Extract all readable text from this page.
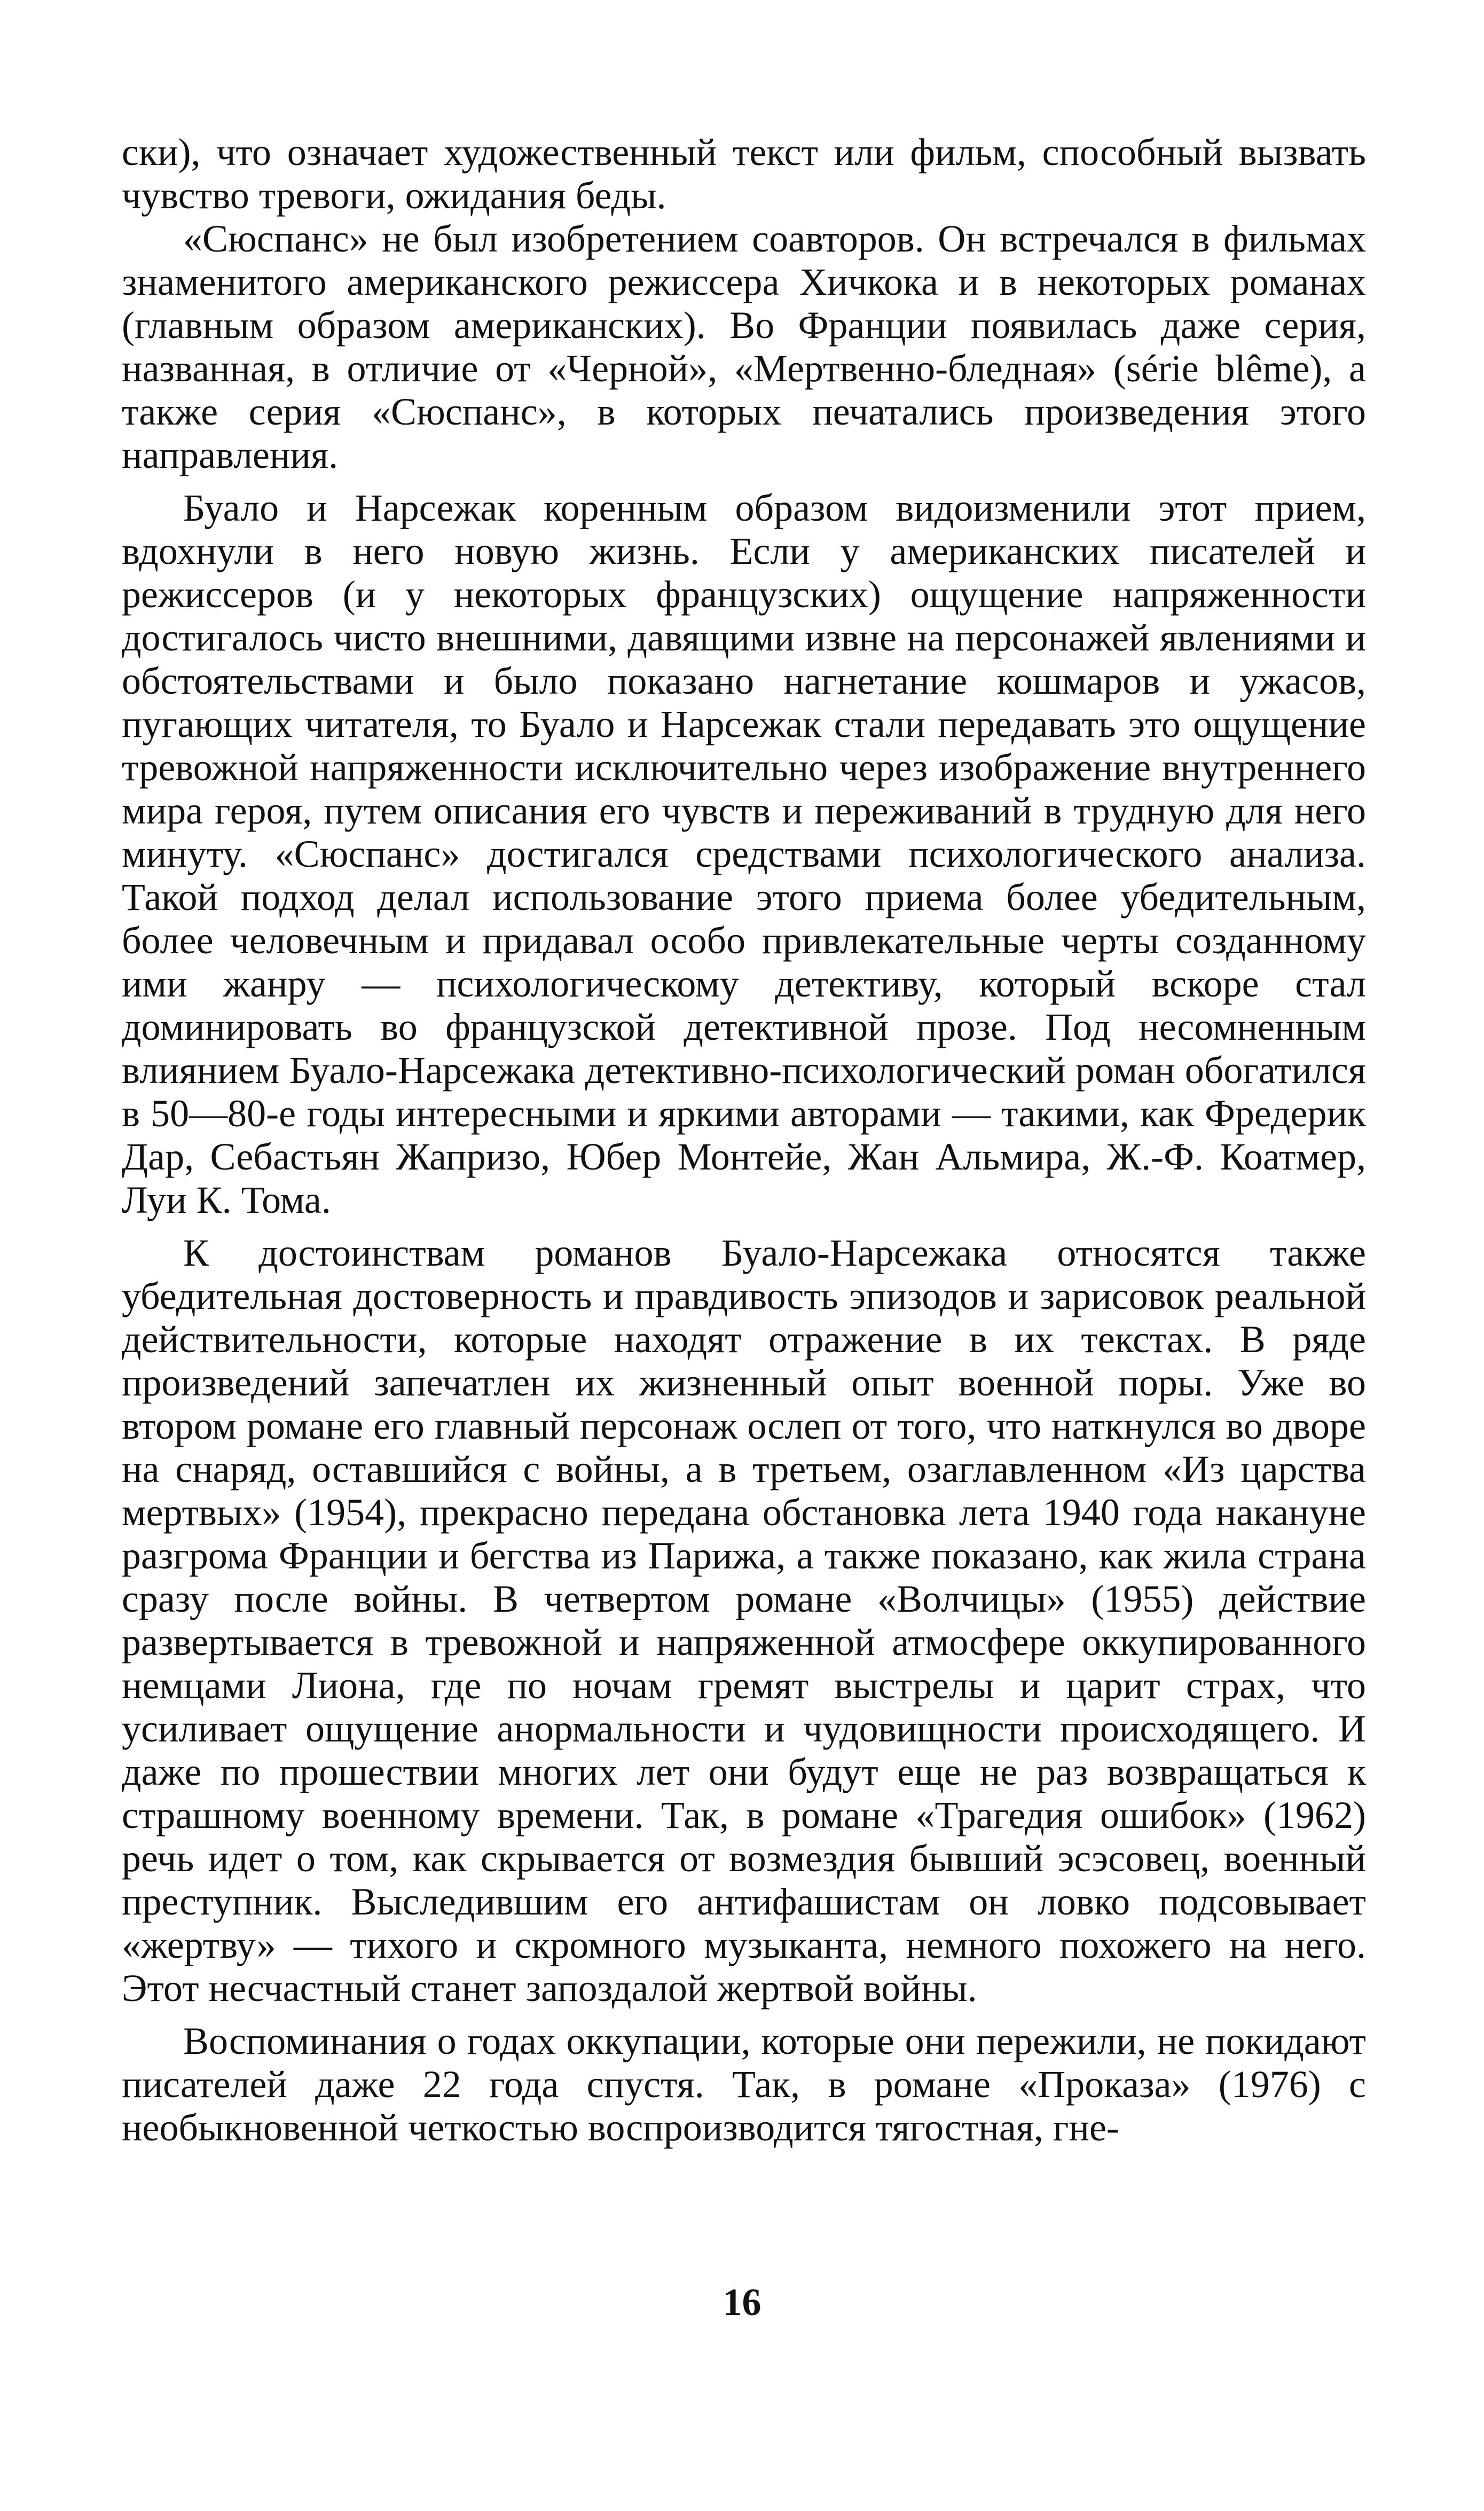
ски), что означает художественный текст или фильм, способный вызвать чувство тревоги, ожидания беды.

«Сюспанс» не был изобретением соавторов. Он встречался в фильмах знаменитого американского режиссера Хичкока и в некоторых романах (главным образом американских). Во Франции появилась даже серия, названная, в отличие от «Черной», «Мертвенно-бледная» (série blême), а также серия «Сюспанс», в которых печатались произведения этого направления.

Буало и Нарсежак коренным образом видоизменили этот прием, вдохнули в него новую жизнь. Если у американских писателей и режиссеров (и у некоторых французских) ощущение напряженности достигалось чисто внешними, давящими извне на персонажей явлениями и обстоятельствами и было показано нагнетание кошмаров и ужасов, пугающих читателя, то Буало и Нарсежак стали передавать это ощущение тревожной напряженности исключительно через изображение внутреннего мира героя, путем описания его чувств и переживаний в трудную для него минуту. «Сюспанс» достигался средствами психологического анализа. Такой подход делал использование этого приема более убедительным, более человечным и придавал особо привлекательные черты созданному ими жанру — психологическому детективу, который вскоре стал доминировать во французской детективной прозе. Под несомненным влиянием Буало-Нарсежака детективно-психологический роман обогатился в 50—80-е годы интересными и яркими авторами — такими, как Фредерик Дар, Себастьян Жапризо, Юбер Монтейе, Жан Альмира, Ж.-Ф. Коатмер, Луи К. Тома.

К достоинствам романов Буало-Нарсежака относятся также убедительная достоверность и правдивость эпизодов и зарисовок реальной действительности, которые находят отражение в их текстах. В ряде произведений запечатлен их жизненный опыт военной поры. Уже во втором романе его главный персонаж ослеп от того, что наткнулся во дворе на снаряд, оставшийся с войны, а в третьем, озаглавленном «Из царства мертвых» (1954), прекрасно передана обстановка лета 1940 года накануне разгрома Франции и бегства из Парижа, а также показано, как жила страна сразу после войны. В четвертом романе «Волчицы» (1955) действие развертывается в тревожной и напряженной атмосфере оккупированного немцами Лиона, где по ночам гремят выстрелы и царит страх, что усиливает ощущение анормальности и чудовищности происходящего. И даже по прошествии многих лет они будут еще не раз возвращаться к страшному военному времени. Так, в романе «Трагедия ошибок» (1962) речь идет о том, как скрывается от возмездия бывший эсэсовец, военный преступник. Выследившим его антифашистам он ловко подсовывает «жертву» — тихого и скромного музыканта, немного похожего на него. Этот несчастный станет запоздалой жертвой войны.

Воспоминания о годах оккупации, которые они пережили, не покидают писателей даже 22 года спустя. Так, в романе «Проказа» (1976) с необыкновенной четкостью воспроизводится тягостная, гне-

16
